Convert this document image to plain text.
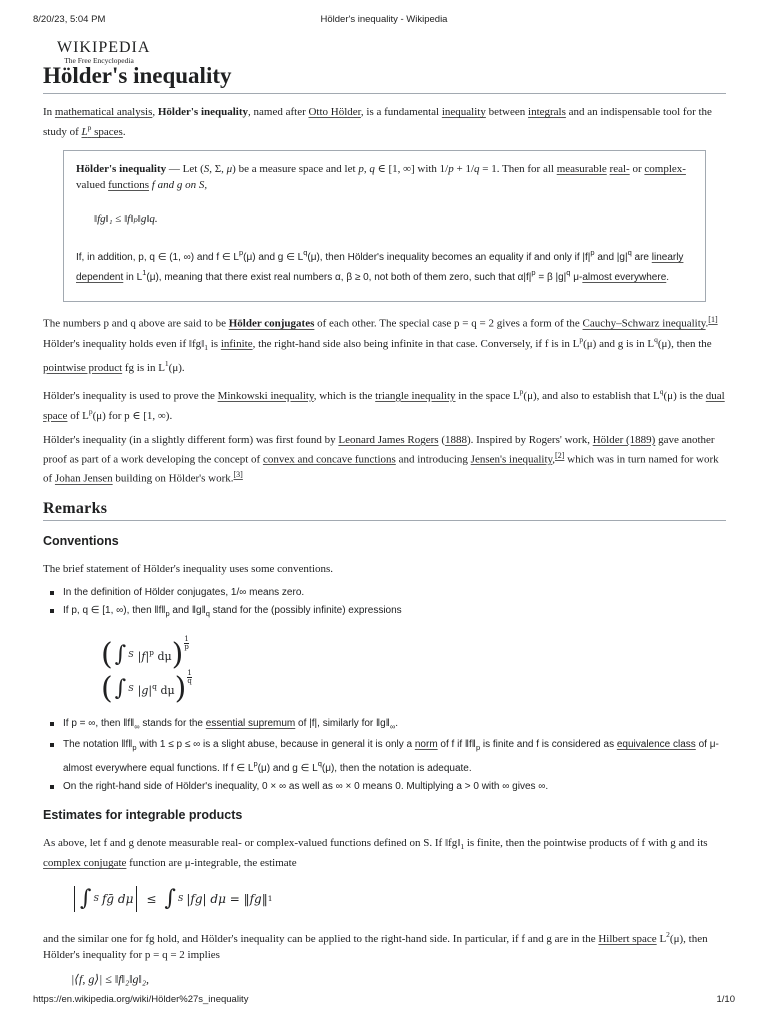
8/20/23, 5:04 PM	Hölder's inequality - Wikipedia
WIKIPEDIA
The Free Encyclopedia
Hölder's inequality

In mathematical analysis, Hölder's inequality, named after Otto Hölder, is a fundamental inequality between integrals and an indispensable tool for the study of $L^p$ spaces.

Hölder's inequality — Let (S, Σ, μ) be a measure space and let p, q ∈ [1, ∞] with 1/p + 1/q = 1. Then for all measurable real- or complex-valued functions f and g on S,

‖fg‖₁ ≤ ‖f‖ₚ‖g‖q.

If, in addition, p, q ∈ (1, ∞) and f ∈ $L^p(\mu)$ and g ∈ $L^q(\mu)$, then Hölder's inequality becomes an equality if and only if $|f|^p$ and $|g|^q$ are linearly dependent in $L^1(\mu)$, meaning that there exist real numbers α, β ≥ 0, not both of them zero, such that $\alpha|f|^p = \beta$ $|g|^q$ μ-almost everywhere.

The numbers p and q above are said to be Hölder conjugates of each other. The special case p = q = 2 gives a form of the Cauchy–Schwarz inequality.[1] Hölder's inequality holds even if $‖fg‖_1$ is infinite, the right-hand side also being infinite in that case. Conversely, if f is in $L^p(\mu)$ and g is in $L^q(\mu)$, then the pointwise product fg is in $L^1(\mu)$.

Hölder's inequality is used to prove the Minkowski inequality, which is the triangle inequality in the space $L^p(\mu)$, and also to establish that $L^q(\mu)$ is the dual space of $L^p(\mu)$ for p ∈ [1, ∞).

Hölder's inequality (in a slightly different form) was first found by Leonard James Rogers (1888). Inspired by Rogers' work, Hölder (1889) gave another proof as part of a work developing the concept of convex and concave functions and introducing Jensen's inequality,[2] which was in turn named for work of Johan Jensen building on Hölder's work.[3]

Remarks
Conventions

The brief statement of Hölder's inequality uses some conventions.

In the definition of Hölder conjugates, 1/∞ means zero.
If p, q ∈ [1, ∞), then $‖f‖_p$ and $‖g‖_q$ stand for the (possibly infinite) expressions
( ∫ S $|f|^p$ dμ ) $\frac{1}{p}$
( ∫ S $|g|^q$ dμ ) $\frac{1}{q}$
If p = ∞, then $‖f‖_\infty$ stands for the essential supremum of |f|, similarly for $‖g‖_\infty$.
The notation $‖f‖_p$ with 1 ≤ p ≤ ∞ is a slight abuse, because in general it is only a norm of f if $‖f‖_p$ is finite and f is considered as equivalence class of μ-almost everywhere equal functions. If f ∈ $L^p(\mu)$ and g ∈ $L^q(\mu)$, then the notation is adequate.
On the right-hand side of Hölder's inequality, 0 × ∞ as well as ∞ × 0 means 0. Multiplying a > 0 with ∞ gives ∞.
Estimates for integrable products

As above, let f and g denote measurable real- or complex-valued functions defined on S. If $‖fg‖_1$ is finite, then the pointwise products of f with g and its complex conjugate function are μ-integrable, the estimate

∫ S fḡ dμ ≤ ∫ S |fg| dμ = ‖fg‖ 1

and the similar one for fg hold, and Hölder's inequality can be applied to the right-hand side. In particular, if f and g are in the Hilbert space $L^2(\mu)$, then Hölder's inequality for p = q = 2 implies

|⟨f, g⟩| ≤ ‖f‖₂‖g‖₂,
https://en.wikipedia.org/wiki/Hölder%27s_inequality	1/10
